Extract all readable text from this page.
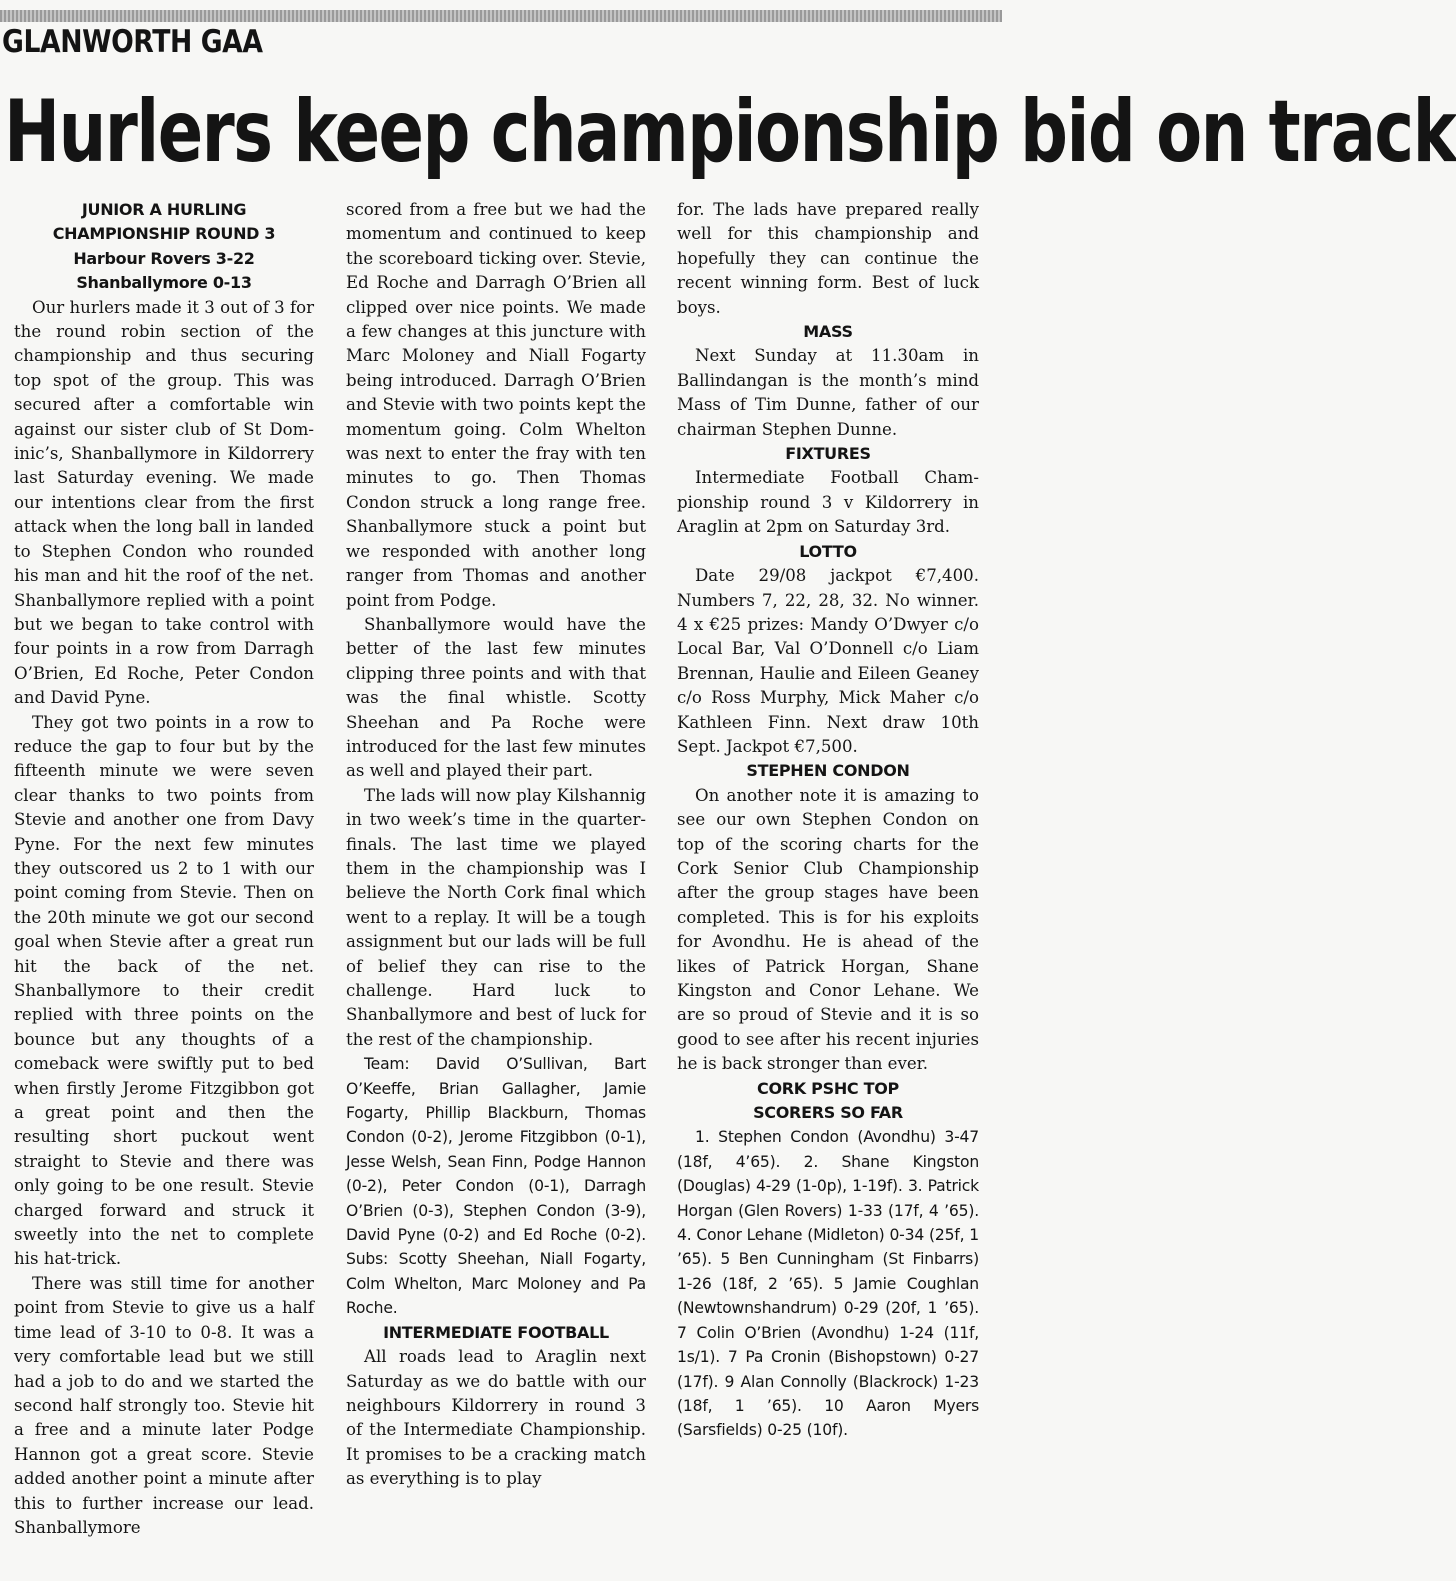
GLANWORTH GAA
Hurlers keep championship bid on track
JUNIOR A HURLING
CHAMPIONSHIP ROUND 3
Harbour Rovers 3-22
Shanballymore 0-13

Our hurlers made it 3 out of 3 for the round robin section of the championship and thus securing top spot of the group. This was secured after a comfortable win against our sister club of St Dominic’s, Shanballymore in Kildorrery last Saturday evening. We made our intentions clear from the first attack when the long ball in landed to Stephen Condon who rounded his man and hit the roof of the net. Shanballymore replied with a point but we began to take control with four points in a row from Darragh O’Brien, Ed Roche, Peter Condon and David Pyne.

They got two points in a row to reduce the gap to four but by the fifteenth minute we were seven clear thanks to two points from Stevie and another one from Davy Pyne. For the next few minutes they outscored us 2 to 1 with our point coming from Stevie. Then on the 20th minute we got our second goal when Stevie after a great run hit the back of the net. Shanballymore to their credit replied with three points on the bounce but any thoughts of a comeback were swiftly put to bed when firstly Jerome Fitzgibbon got a great point and then the resulting short puckout went straight to Stevie and there was only going to be one result. Stevie charged forward and struck it sweetly into the net to complete his hat-trick.

There was still time for another point from Stevie to give us a half time lead of 3-10 to 0-8. It was a very comfortable lead but we still had a job to do and we started the second half strongly too. Stevie hit a free and a minute later Podge Hannon got a great score. Stevie added another point a minute after this to further increase our lead. Shanballymore

scored from a free but we had the momentum and continued to keep the scoreboard ticking over. Stevie, Ed Roche and Darragh O’Brien all clipped over nice points. We made a few changes at this juncture with Marc Moloney and Niall Fogarty being introduced. Darragh O’Brien and Stevie with two points kept the momentum going. Colm Whelton was next to enter the fray with ten minutes to go. Then Thomas Condon struck a long range free. Shanballymore stuck a point but we responded with another long ranger from Thomas and another point from Podge.

Shanballymore would have the better of the last few minutes clipping three points and with that was the final whistle. Scotty Sheehan and Pa Roche were introduced for the last few minutes as well and played their part.

The lads will now play Kilshannig in two week’s time in the quarter-finals. The last time we played them in the championship was I believe the North Cork final which went to a replay. It will be a tough assignment but our lads will be full of belief they can rise to the challenge. Hard luck to Shanballymore and best of luck for the rest of the championship.

Team: David O’Sullivan, Bart O’Keeffe, Brian Gallagher, Jamie Fogarty, Phillip Blackburn, Thomas Condon (0-2), Jerome Fitzgibbon (0-1), Jesse Welsh, Sean Finn, Podge Hannon (0-2), Peter Condon (0-1), Darragh O’Brien (0-3), Stephen Condon (3-9), David Pyne (0-2) and Ed Roche (0-2). Subs: Scotty Sheehan, Niall Fogarty, Colm Whelton, Marc Moloney and Pa Roche.

INTERMEDIATE FOOTBALL

All roads lead to Araglin next Saturday as we do battle with our neighbours Kildorrery in round 3 of the Intermediate Championship. It promises to be a cracking match as everything is to play

for. The lads have prepared really well for this championship and hopefully they can continue the recent winning form. Best of luck boys.

MASS

Next Sunday at 11.30am in Ballindangan is the month’s mind Mass of Tim Dunne, father of our chairman Stephen Dunne.

FIXTURES

Intermediate Football Championship round 3 v Kildorrery in Araglin at 2pm on Saturday 3rd.

LOTTO

Date 29/08 jackpot €7,400. Numbers 7, 22, 28, 32. No winner. 4 x €25 prizes: Mandy O’Dwyer c/o Local Bar, Val O’Donnell c/o Liam Brennan, Haulie and Eileen Geaney c/o Ross Murphy, Mick Maher c/o Kathleen Finn. Next draw 10th Sept. Jackpot €7,500.

STEPHEN CONDON

On another note it is amazing to see our own Stephen Condon on top of the scoring charts for the Cork Senior Club Championship after the group stages have been completed. This is for his exploits for Avondhu. He is ahead of the likes of Patrick Horgan, Shane Kingston and Conor Lehane. We are so proud of Stevie and it is so good to see after his recent injuries he is back stronger than ever.

CORK PSHC TOP
SCORERS SO FAR

1. Stephen Condon (Avondhu) 3-47 (18f, 4’65). 2. Shane Kingston (Douglas) 4-29 (1-0p), 1-19f). 3. Patrick Horgan (Glen Rovers) 1-33 (17f, 4 ’65). 4. Conor Lehane (Midleton) 0-34 (25f, 1 ’65). 5 Ben Cunningham (St Finbarrs) 1-26 (18f, 2 ’65). 5 Jamie Coughlan (Newtownshandrum) 0-29 (20f, 1 ’65). 7 Colin O’Brien (Avondhu) 1-24 (11f, 1s/1). 7 Pa Cronin (Bishopstown) 0-27 (17f). 9 Alan Connolly (Blackrock) 1-23 (18f, 1 ’65). 10 Aaron Myers (Sarsfields) 0-25 (10f).
